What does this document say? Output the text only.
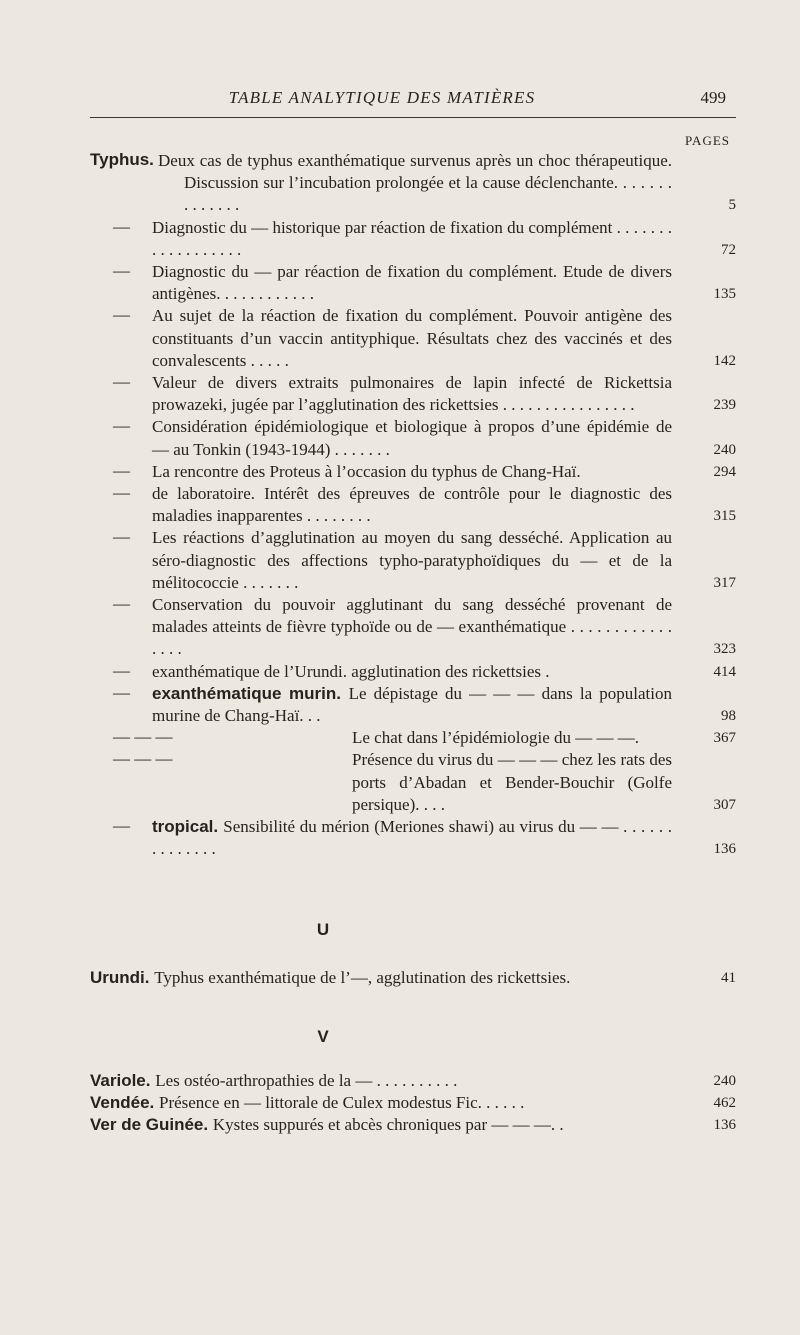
TABLE ANALYTIQUE DES MATIÈRES	499
PAGES
Typhus. Deux cas de typhus exanthématique survenus après un choc thérapeutique. Discussion sur l’incubation prolongée et la cause déclenchante. . . . . . . . . . . . . .	5
— Diagnostic du — historique par réaction de fixation du complément . . . . . . . . . . . . . . . . . .	72
— Diagnostic du — par réaction de fixation du complément. Etude de divers antigènes. . . . . . . . . . . .	135
— Au sujet de la réaction de fixation du complément. Pouvoir antigène des constituants d’un vaccin antityphique. Résultats chez des vaccinés et des convalescents . . . . .	142
— Valeur de divers extraits pulmonaires de lapin infecté de Rickettsia prowazeki, jugée par l’agglutination des rickettsies . . . . . . . . . . . . . . . .	239
— Considération épidémiologique et biologique à propos d’une épidémie de — au Tonkin (1943-1944) . . . . . . .	240
— La rencontre des Proteus à l’occasion du typhus de Chang-Haï.	294
— de laboratoire. Intérêt des épreuves de contrôle pour le diagnostic des maladies inapparentes . . . . . . . .	315
— Les réactions d’agglutination au moyen du sang desséché. Application au séro-diagnostic des affections typho-paratyphoïdiques du — et de la mélitococcie . . . . . . .	317
— Conservation du pouvoir agglutinant du sang desséché provenant de malades atteints de fièvre typhoïde ou de — exanthématique . . . . . . . . . . . . . . . .	323
— exanthématique de l’Urundi. agglutination des rickettsies .	414
— exanthématique murin. Le dépistage du — — — dans la population murine de Chang-Haï. . .	98
— — —	Le chat dans l’épidémiologie du — — —.	367
— — —	Présence du virus du — — — chez les rats des ports d’Abadan et Bender-Bouchir (Golfe persique). . . .	307
— tropical. Sensibilité du mérion (Meriones shawi) au virus du — — . . . . . . . . . . . . . .	136
U
Urundi. Typhus exanthématique de l’—, agglutination des rickettsies.	41
V
Variole. Les ostéo-arthropathies de la — . . . . . . . . . .	240
Vendée. Présence en — littorale de Culex modestus Fic. . . . . .	462
Ver de Guinée. Kystes suppurés et abcès chroniques par — — —. .	136
